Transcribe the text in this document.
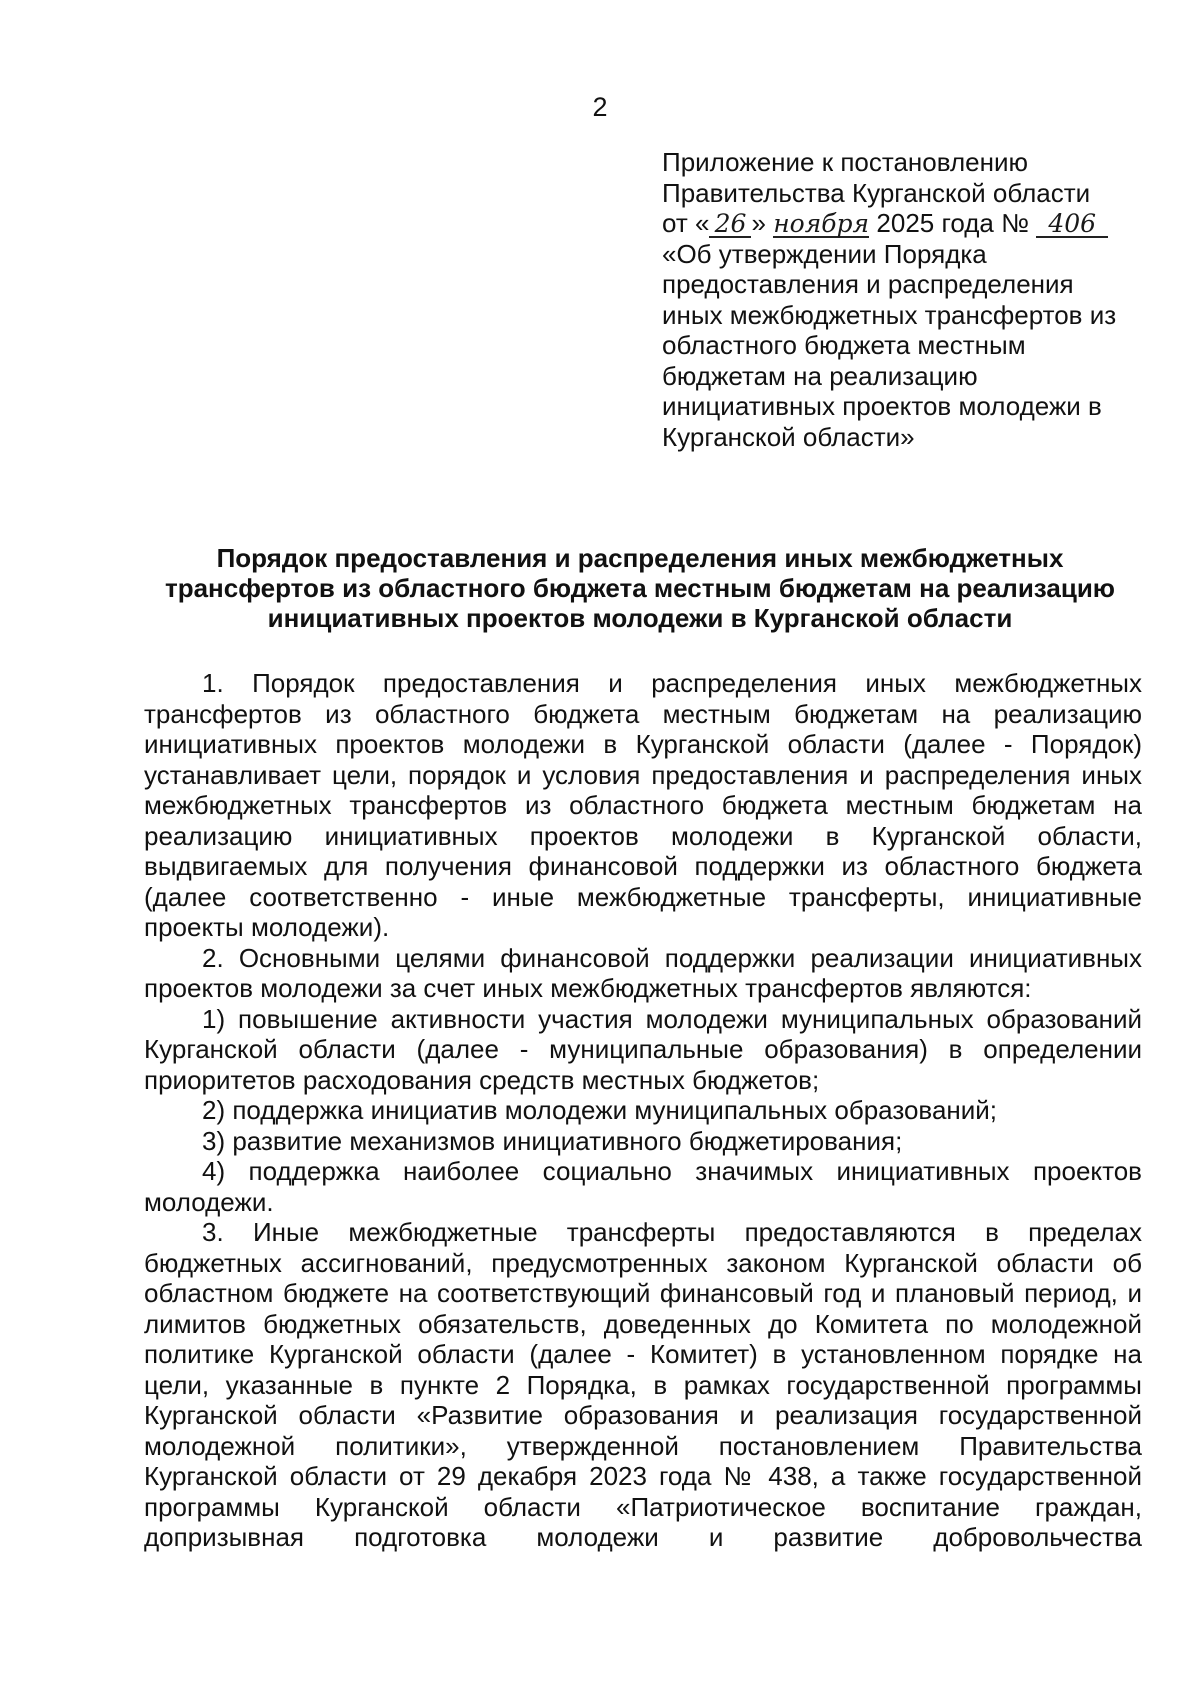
2
Приложение к постановлению
Правительства Курганской области
от « 26 » ноября 2025 года № 406
«Об утверждении Порядка
предоставления и распределения
иных межбюджетных трансфертов из
областного бюджета местным
бюджетам на реализацию
инициативных проектов молодежи в
Курганской области»
Порядок предоставления и распределения иных межбюджетных
трансфертов из областного бюджета местным бюджетам на реализацию
инициативных проектов молодежи в Курганской области

1. Порядок предоставления и распределения иных межбюджетных трансфертов из областного бюджета местным бюджетам на реализацию инициативных проектов молодежи в Курганской области (далее - Порядок) устанавливает цели, порядок и условия предоставления и распределения иных межбюджетных трансфертов из областного бюджета местным бюджетам на реализацию инициативных проектов молодежи в Курганской области, выдвигаемых для получения финансовой поддержки из областного бюджета (далее соответственно - иные межбюджетные трансферты, инициативные проекты молодежи).

2. Основными целями финансовой поддержки реализации инициативных проектов молодежи за счет иных межбюджетных трансфертов являются:

1) повышение активности участия молодежи муниципальных образований Курганской области (далее - муниципальные образования) в определении приоритетов расходования средств местных бюджетов;

2) поддержка инициатив молодежи муниципальных образований;

3) развитие механизмов инициативного бюджетирования;

4) поддержка наиболее социально значимых инициативных проектов молодежи.

3. Иные межбюджетные трансферты предоставляются в пределах бюджетных ассигнований, предусмотренных законом Курганской области об областном бюджете на соответствующий финансовый год и плановый период, и лимитов бюджетных обязательств, доведенных до Комитета по молодежной политике Курганской области (далее - Комитет) в установленном порядке на цели, указанные в пункте 2 Порядка, в рамках государственной программы Курганской области «Развитие образования и реализация государственной молодежной политики», утвержденной постановлением Правительства Курганской области от 29 декабря 2023 года № 438, а также государственной программы Курганской области «Патриотическое воспитание граждан, допризывная подготовка молодежи и развитие добровольчества
